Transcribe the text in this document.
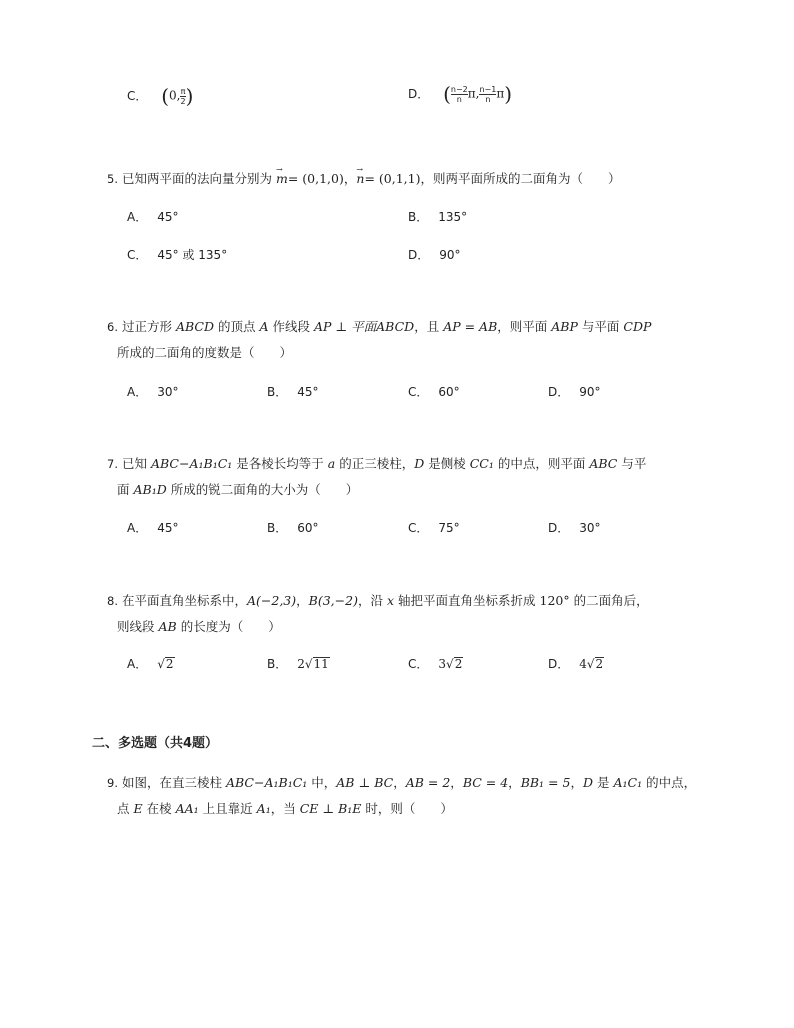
C． (0, $\frac{\pi}{2}$ )	D． ( $\frac{n-2}{n} \pi$, $\frac{n-1}{n} \pi$)
5. 已知两平面的法向量分别为 → m= (0,1,0)，→ n= (0,1,1)，则两平面所成的二面角为（　　）
A． 45°	B． 135°
C． 45° 或 135°	D． 90°
6. 过正方形 ABCD 的顶点 A 作线段 AP ⊥ 平面ABCD，且 AP = AB，则平面 ABP 与平面 CDP
所成的二面角的度数是（　　）
A． 30°	B． 45°	C． 60°	D． 90°
7. 已知 ABC−A₁B₁C₁ 是各棱长均等于 a 的正三棱柱，D 是侧棱 CC₁ 的中点，则平面 ABC 与平
面 AB₁D 所成的锐二面角的大小为（　　）
A． 45°	B． 60°	C． 75°	D． 30°
8. 在平面直角坐标系中，A(−2,3)，B(3,−2)，沿 x 轴把平面直角坐标系折成 120° 的二面角后，
则线段 AB 的长度为（　　）
A． √2	B． 2√11	C． 3√2	D． 4√2
二、多选题（共4题）
9. 如图，在直三棱柱 ABC−A₁B₁C₁ 中，AB ⊥ BC，AB = 2，BC = 4，BB₁ = 5，D 是 A₁C₁ 的中点，
点 E 在棱 AA₁ 上且靠近 A₁，当 CE ⊥ B₁E 时，则（　　）
